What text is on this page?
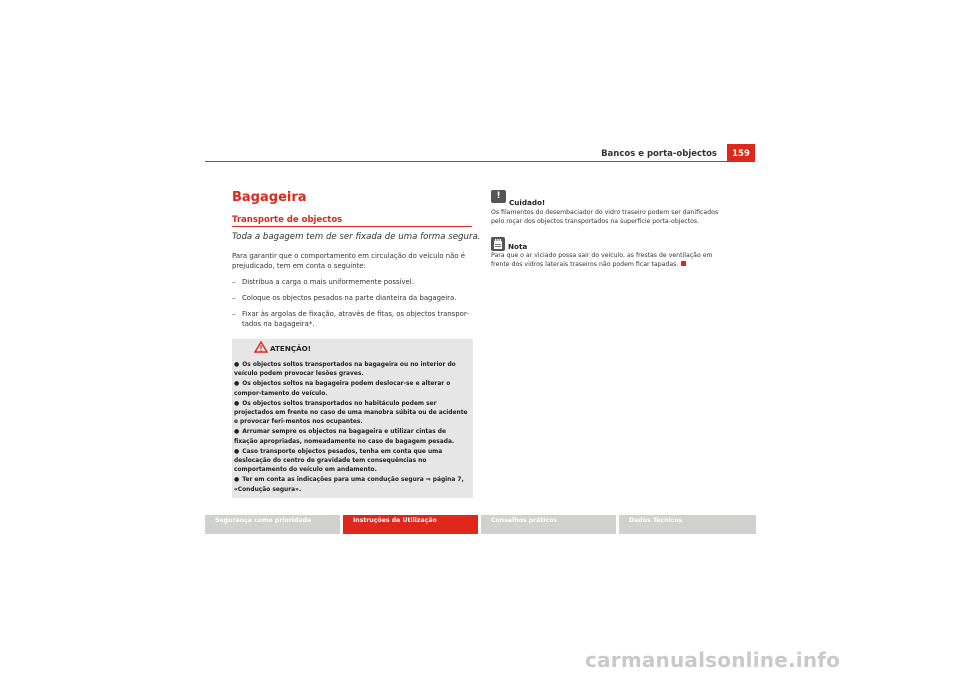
Bancos e porta-objectos	159
Bagageira
Transporte de objectos
Toda a bagagem tem de ser fixada de uma forma segura.

Para garantir que o comportamento em circulação do veículo não é prejudicado, tem em conta o seguinte:

– Distribua a carga o mais uniformemente possível.
– Coloque os objectos pesados na parte dianteira da bagageira.
– Fixar às argolas de fixação, através de fitas, os objectos transpor-tados na bagageira*.
ATENÇÃO!

● Os objectos soltos transportados na bagageira ou no interior do veículo podem provocar lesões graves.

● Os objectos soltos na bagageira podem deslocar-se e alterar o compor-tamento do veículo.

● Os objectos soltos transportados no habitáculo podem ser projectados em frente no caso de uma manobra súbita ou de acidente e provocar feri-mentos nos ocupantes.

● Arrumar sempre os objectos na bagageira e utilizar cintas de fixação apropriadas, nomeadamente no caso de bagagem pesada.

● Caso transporte objectos pesados, tenha em conta que uma deslocação do centro de gravidade tem consequências no comportamento do veículo em andamento.

● Ter em conta as indicações para uma condução segura ⇒ página 7, «Condução segura».

!
Cuidado!
Os filamentos do desembaciador do vidro traseiro podem ser danificados pelo roçar dos objectos transportados na superfície porta-objectos.
Nota
Para que o ar viciado possa sair do veículo, as frestas de ventilação em frente dos vidros laterais traseiros não podem ficar tapadas.
Segurança como prioridade	Instruções de Utilização	Conselhos práticos	Dados Técnicos
carmanualsonline.info
